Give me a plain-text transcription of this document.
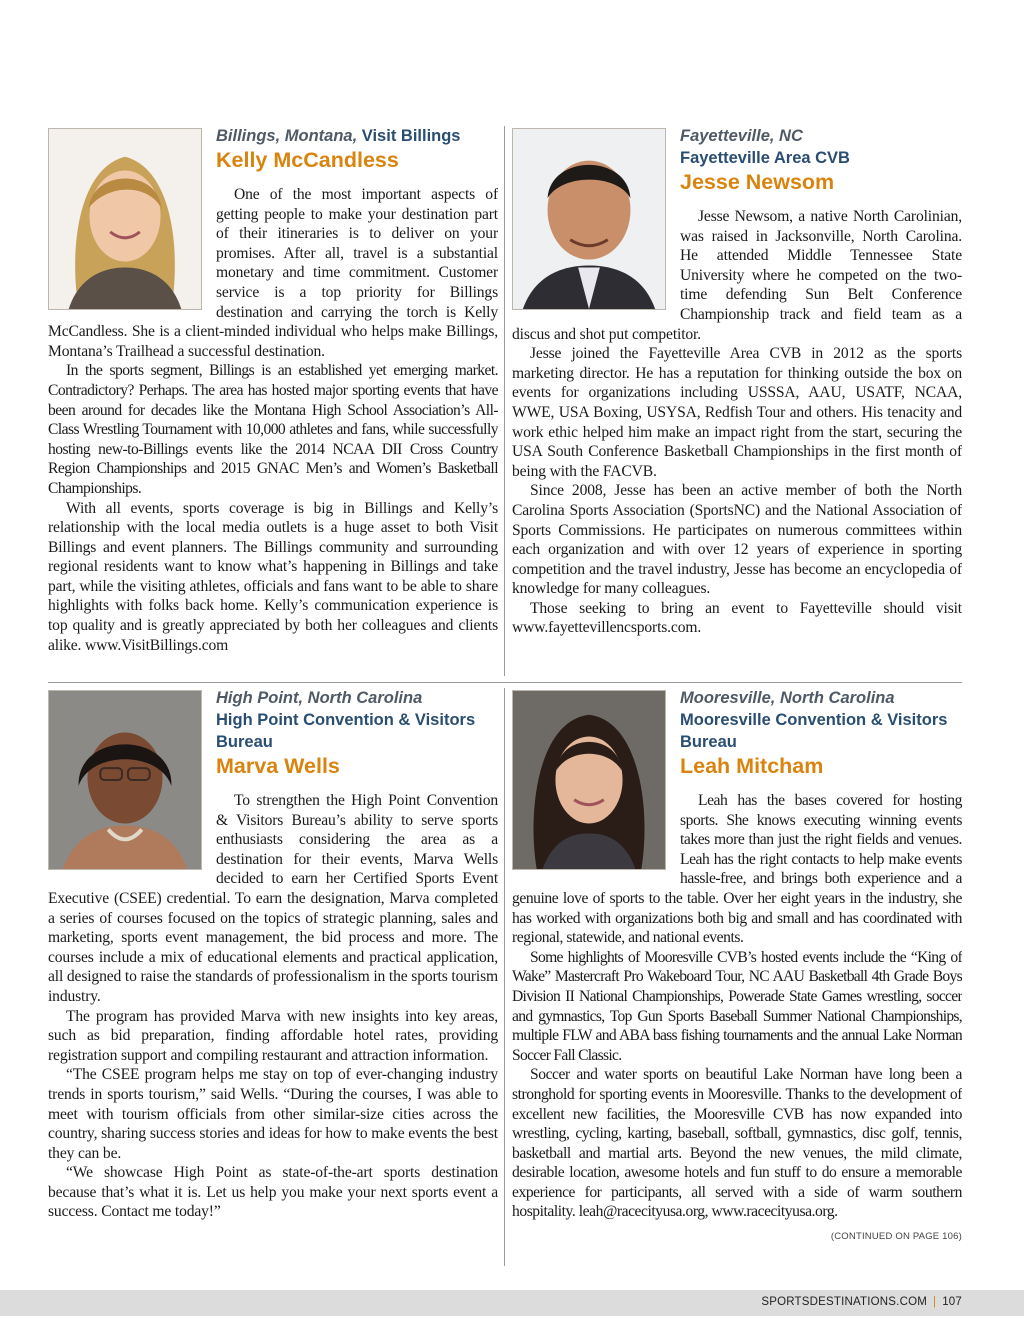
Billings, Montana, Visit Billings
Kelly McCandless

One of the most important aspects of getting people to make your destination part of their itineraries is to deliver on your promises. After all, travel is a substantial monetary and time commitment. Customer service is a top priority for Billings destination and carrying the torch is Kelly McCandless. She is a client-minded individual who helps make Billings, Montana’s Trailhead a successful destination.

In the sports segment, Billings is an established yet emerging market. Contradictory? Perhaps. The area has hosted major sporting events that have been around for decades like the Montana High School Association’s All-Class Wrestling Tournament with 10,000 athletes and fans, while successfully hosting new-to-Billings events like the 2014 NCAA DII Cross Country Region Championships and 2015 GNAC Men’s and Women’s Basketball Championships.

With all events, sports coverage is big in Billings and Kelly’s relationship with the local media outlets is a huge asset to both Visit Billings and event planners. The Billings community and surrounding regional residents want to know what’s happening in Billings and take part, while the visiting athletes, officials and fans want to be able to share highlights with folks back home. Kelly’s communication experience is top quality and is greatly appreciated by both her colleagues and clients alike. www.VisitBillings.com

Fayetteville, NC
Fayetteville Area CVB
Jesse Newsom

Jesse Newsom, a native North Carolinian, was raised in Jacksonville, North Carolina. He attended Middle Tennessee State University where he competed on the two-time defending Sun Belt Conference Championship track and field team as a discus and shot put competitor.

Jesse joined the Fayetteville Area CVB in 2012 as the sports marketing director. He has a reputation for thinking outside the box on events for organizations including USSSA, AAU, USATF, NCAA, WWE, USA Boxing, USYSA, Redfish Tour and others. His tenacity and work ethic helped him make an impact right from the start, securing the USA South Conference Basketball Championships in the first month of being with the FACVB.

Since 2008, Jesse has been an active member of both the North Carolina Sports Association (SportsNC) and the National Association of Sports Commissions. He participates on numerous committees within each organization and with over 12 years of experience in sporting competition and the travel industry, Jesse has become an encyclopedia of knowledge for many colleagues.

Those seeking to bring an event to Fayetteville should visit www.fayettevillencsports.com.

High Point, North Carolina
High Point Convention & Visitors Bureau
Marva Wells

To strengthen the High Point Convention & Visitors Bureau’s ability to serve sports enthusiasts considering the area as a destination for their events, Marva Wells decided to earn her Certified Sports Event Executive (CSEE) credential. To earn the designation, Marva completed a series of courses focused on the topics of strategic planning, sales and marketing, sports event management, the bid process and more. The courses include a mix of educational elements and practical application, all designed to raise the standards of professionalism in the sports tourism industry.

The program has provided Marva with new insights into key areas, such as bid preparation, finding affordable hotel rates, providing registration support and compiling restaurant and attraction information.

“The CSEE program helps me stay on top of ever-changing industry trends in sports tourism,” said Wells. “During the courses, I was able to meet with tourism officials from other similar-size cities across the country, sharing success stories and ideas for how to make events the best they can be.

“We showcase High Point as state-of-the-art sports destination because that’s what it is. Let us help you make your next sports event a success. Contact me today!”

Mooresville, North Carolina
Mooresville Convention & Visitors Bureau
Leah Mitcham

Leah has the bases covered for hosting sports. She knows executing winning events takes more than just the right fields and venues. Leah has the right contacts to help make events hassle-free, and brings both experience and a genuine love of sports to the table. Over her eight years in the industry, she has worked with organizations both big and small and has coordinated with regional, statewide, and national events.

Some highlights of Mooresville CVB’s hosted events include the “King of Wake” Mastercraft Pro Wakeboard Tour, NC AAU Basketball 4th Grade Boys Division II National Championships, Powerade State Games wrestling, soccer and gymnastics, Top Gun Sports Baseball Summer National Championships, multiple FLW and ABA bass fishing tournaments and the annual Lake Norman Soccer Fall Classic.

Soccer and water sports on beautiful Lake Norman have long been a stronghold for sporting events in Mooresville. Thanks to the development of excellent new facilities, the Mooresville CVB has now expanded into wrestling, cycling, karting, baseball, softball, gymnastics, disc golf, tennis, basketball and martial arts. Beyond the new venues, the mild climate, desirable location, awesome hotels and fun stuff to do ensure a memorable experience for participants, all served with a side of warm southern hospitality. leah@racecityusa.org, www.racecityusa.org.
(CONTINUED ON PAGE 106)

SPORTSDESTINATIONS.COM | 107
